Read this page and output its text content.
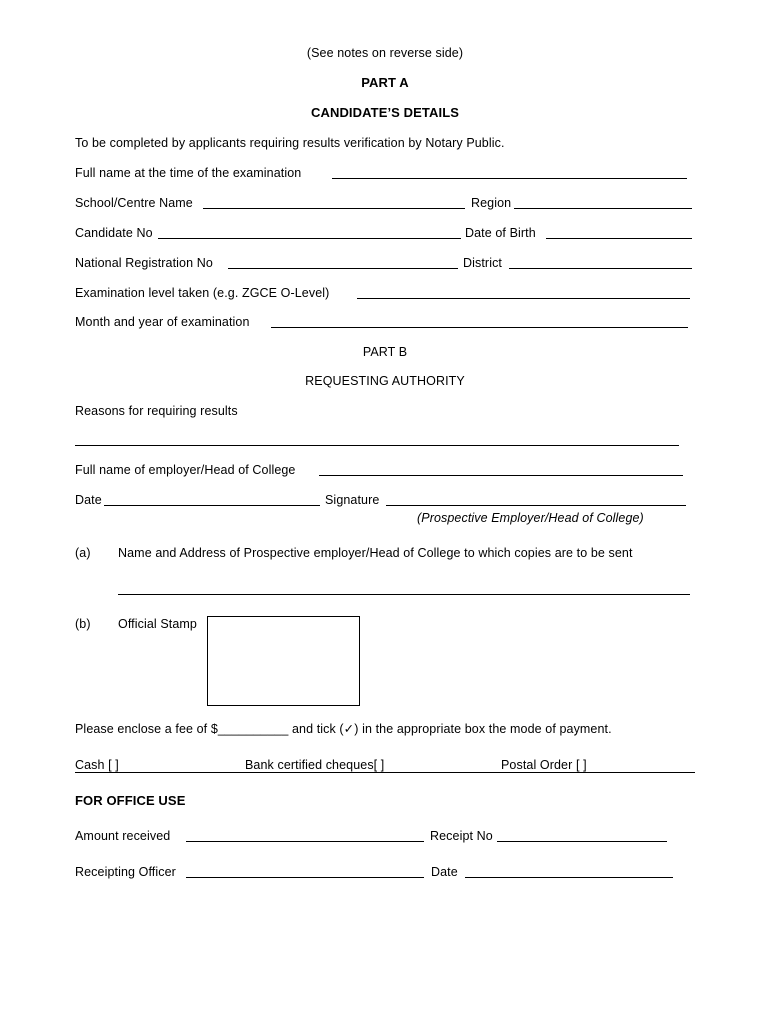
(See notes on reverse side)
PART A
CANDIDATE’S DETAILS
To be completed by applicants requiring results verification by Notary Public.
Full name at the time of the examination
School/Centre Name	Region
Candidate No	Date of Birth
National Registration No	District
Examination level taken (e.g. ZGCE O-Level)
Month and year of examination
PART B
REQUESTING AUTHORITY
Reasons for requiring results
Full name of employer/Head of College
Date	Signature
(Prospective Employer/Head of College)
(a) Name and Address of Prospective employer/Head of College to which copies are to be sent
(b) Official Stamp
Please enclose a fee of $__________ and tick (✓) in the appropriate box the mode of payment.
Cash [ ]	Bank certified cheques[ ]	Postal Order [ ]
FOR OFFICE USE
Amount received	Receipt No
Receipting Officer	Date
